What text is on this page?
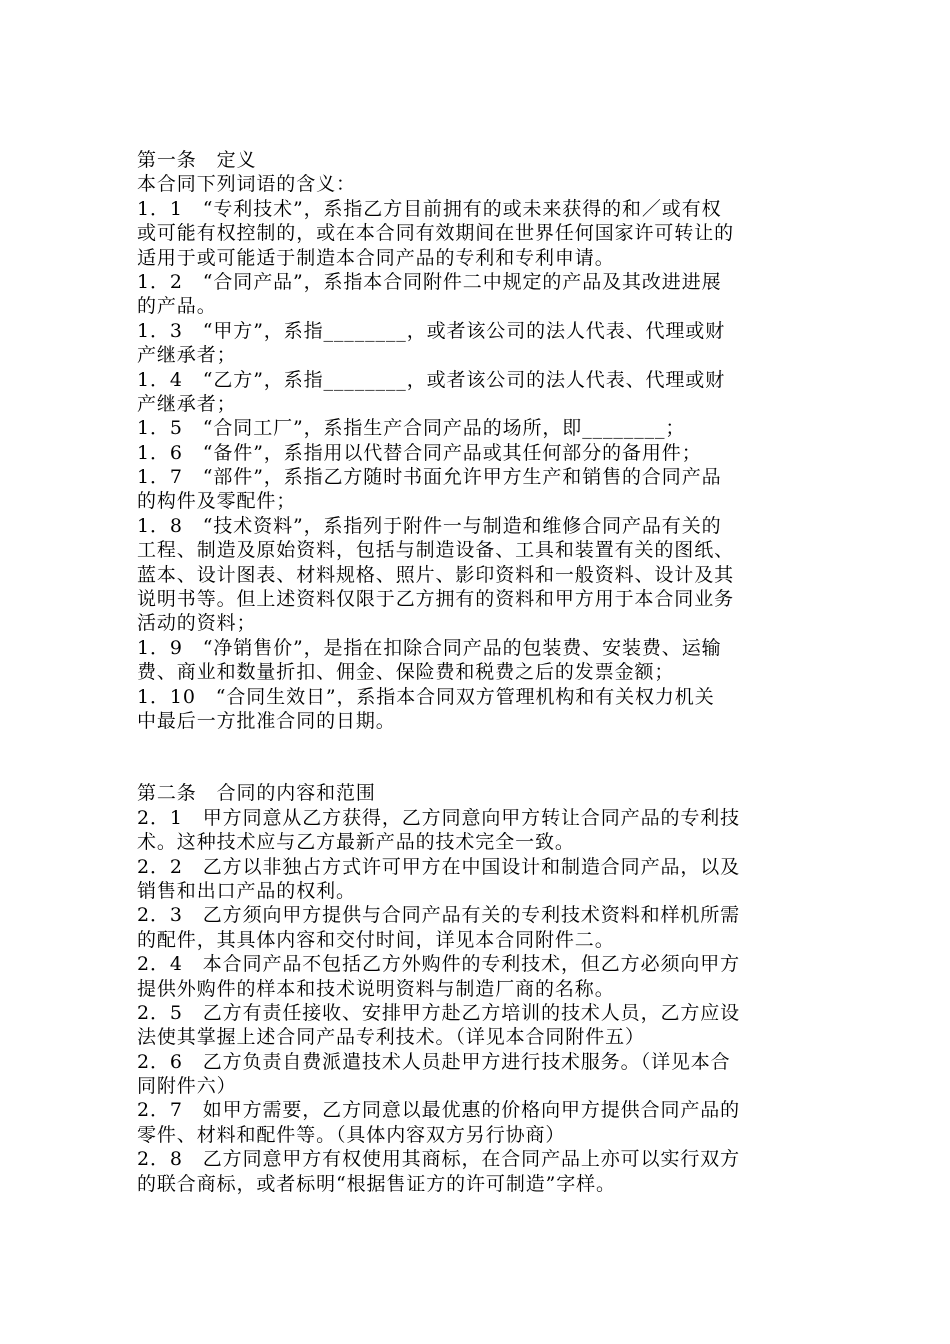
第一条　定义

本合同下列词语的含义：

1．1　“专利技术”，系指乙方目前拥有的或未来获得的和／或有权

或可能有权控制的，或在本合同有效期间在世界任何国家许可转让的

适用于或可能适于制造本合同产品的专利和专利申请。

1．2　“合同产品”，系指本合同附件二中规定的产品及其改进进展

的产品。

1．3　“甲方”，系指________，或者该公司的法人代表、代理或财

产继承者；

1．4　“乙方”，系指________，或者该公司的法人代表、代理或财

产继承者；

1．5　“合同工厂”，系指生产合同产品的场所，即________；

1．6　“备件”，系指用以代替合同产品或其任何部分的备用件；

1．7　“部件”，系指乙方随时书面允许甲方生产和销售的合同产品

的构件及零配件；

1．8　“技术资料”，系指列于附件一与制造和维修合同产品有关的

工程、制造及原始资料，包括与制造设备、工具和装置有关的图纸、

蓝本、设计图表、材料规格、照片、影印资料和一般资料、设计及其

说明书等。但上述资料仅限于乙方拥有的资料和甲方用于本合同业务

活动的资料；

1．9　“净销售价”，是指在扣除合同产品的包装费、安装费、运输

费、商业和数量折扣、佣金、保险费和税费之后的发票金额；

1．10　“合同生效日”，系指本合同双方管理机构和有关权力机关

中最后一方批准合同的日期。

第二条　合同的内容和范围

2．1　甲方同意从乙方获得，乙方同意向甲方转让合同产品的专利技

术。这种技术应与乙方最新产品的技术完全一致。

2．2　乙方以非独占方式许可甲方在中国设计和制造合同产品，以及

销售和出口产品的权利。

2．3　乙方须向甲方提供与合同产品有关的专利技术资料和样机所需

的配件，其具体内容和交付时间，详见本合同附件二。

2．4　本合同产品不包括乙方外购件的专利技术，但乙方必须向甲方

提供外购件的样本和技术说明资料与制造厂商的名称。

2．5　乙方有责任接收、安排甲方赴乙方培训的技术人员，乙方应设

法使其掌握上述合同产品专利技术。（详见本合同附件五）

2．6　乙方负责自费派遣技术人员赴甲方进行技术服务。（详见本合

同附件六）

2．7　如甲方需要，乙方同意以最优惠的价格向甲方提供合同产品的

零件、材料和配件等。（具体内容双方另行协商）

2．8　乙方同意甲方有权使用其商标，在合同产品上亦可以实行双方

的联合商标，或者标明“根据售证方的许可制造”字样。
